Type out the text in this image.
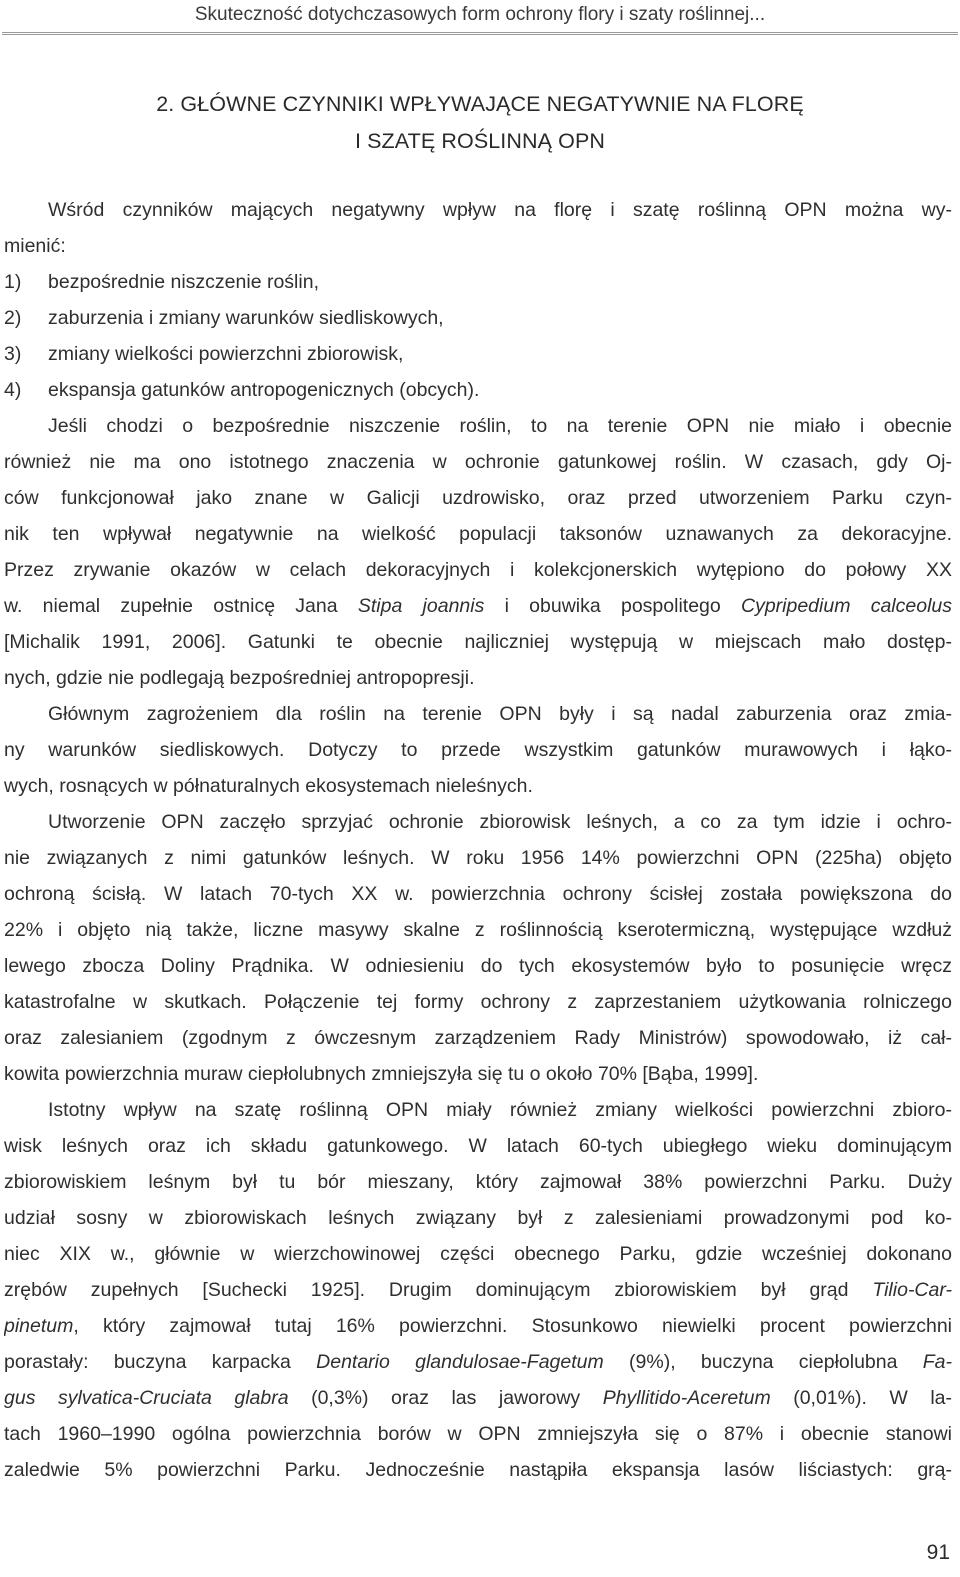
Skuteczność dotychczasowych form ochrony flory i szaty roślinnej...
2. GŁÓWNE CZYNNIKI WPŁYWAJĄCE NEGATYWNIE NA FLORĘ
I SZATĘ ROŚLINNĄ OPN
Wśród czynników mających negatywny wpływ na florę i szatę roślinną OPN można wy-
mienić:
1)	bezpośrednie niszczenie roślin,
2)	zaburzenia i zmiany warunków siedliskowych,
3)	zmiany wielkości powierzchni zbiorowisk,
4)	ekspansja gatunków antropogenicznych (obcych).
Jeśli chodzi o bezpośrednie niszczenie roślin, to na terenie OPN nie miało i obecnie
również nie ma ono istotnego znaczenia w ochronie gatunkowej roślin. W czasach, gdy Oj-
ców funkcjonował jako znane w Galicji uzdrowisko, oraz przed utworzeniem Parku czyn-
nik ten wpływał negatywnie na wielkość populacji taksonów uznawanych za dekoracyjne.
Przez zrywanie okazów w celach dekoracyjnych i kolekcjonerskich wytępiono do połowy XX
w. niemal zupełnie ostnicę Jana Stipa joannis i obuwika pospolitego Cypripedium calceolus
[Michalik 1991, 2006]. Gatunki te obecnie najliczniej występują w miejscach mało dostęp-
nych, gdzie nie podlegają bezpośredniej antropopresji.
Głównym zagrożeniem dla roślin na terenie OPN były i są nadal zaburzenia oraz zmia-
ny warunków siedliskowych. Dotyczy to przede wszystkim gatunków murawowych i łąko-
wych, rosnących w półnaturalnych ekosystemach nieleśnych.
Utworzenie OPN zaczęło sprzyjać ochronie zbiorowisk leśnych, a co za tym idzie i ochro-
nie związanych z nimi gatunków leśnych. W roku 1956 14% powierzchni OPN (225ha) objęto
ochroną ścisłą. W latach 70-tych XX w. powierzchnia ochrony ścisłej została powiększona do
22% i objęto nią także, liczne masywy skalne z roślinnością kserotermiczną, występujące wzdłuż
lewego zbocza Doliny Prądnika. W odniesieniu do tych ekosystemów było to posunięcie wręcz
katastrofalne w skutkach. Połączenie tej formy ochrony z zaprzestaniem użytkowania rolniczego
oraz zalesianiem (zgodnym z ówczesnym zarządzeniem Rady Ministrów) spowodowało, iż cał-
kowita powierzchnia muraw ciepłolubnych zmniejszyła się tu o około 70% [Bąba, 1999].
Istotny wpływ na szatę roślinną OPN miały również zmiany wielkości powierzchni zbioro-
wisk leśnych oraz ich składu gatunkowego. W latach 60-tych ubiegłego wieku dominującym
zbiorowiskiem leśnym był tu bór mieszany, który zajmował 38% powierzchni Parku. Duży
udział sosny w zbiorowiskach leśnych związany był z zalesieniami prowadzonymi pod ko-
niec XIX w., głównie w wierzchowinowej części obecnego Parku, gdzie wcześniej dokonano
zrębów zupełnych [Suchecki 1925]. Drugim dominującym zbiorowiskiem był grąd Tilio-Car-
pinetum, który zajmował tutaj 16% powierzchni. Stosunkowo niewielki procent powierzchni
porastały: buczyna karpacka Dentario glandulosae-Fagetum (9%), buczyna ciepłolubna Fa-
gus sylvatica-Cruciata glabra (0,3%) oraz las jaworowy Phyllitido-Aceretum (0,01%). W la-
tach 1960–1990 ogólna powierzchnia borów w OPN zmniejszyła się o 87% i obecnie stanowi
zaledwie 5% powierzchni Parku. Jednocześnie nastąpiła ekspansja lasów liściastych: grą-
91
